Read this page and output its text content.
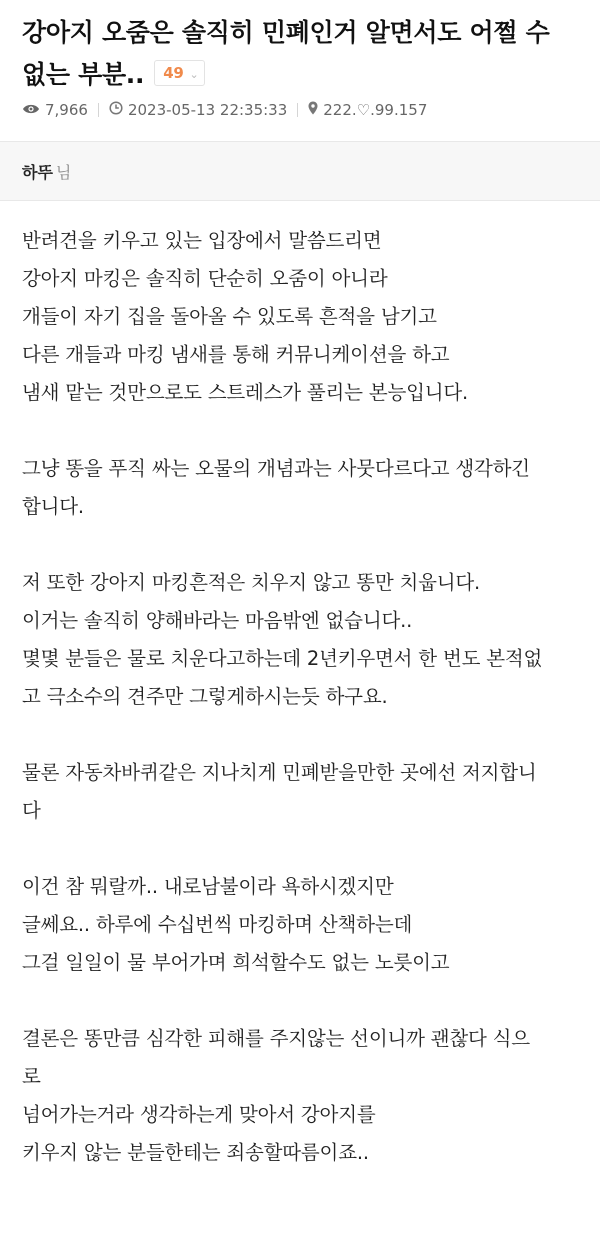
강아지 오줌은 솔직히 민폐인거 알면서도 어쩔 수 없는 부분.. 49 ⌄
7,966	2023-05-13 22:35:33 222.♡.99.157
하뚜 님

반려견을 키우고 있는 입장에서 말씀드리면

강아지 마킹은 솔직히 단순히 오줌이 아니라

개들이 자기 집을 돌아올 수 있도록 흔적을 남기고

다른 개들과 마킹 냄새를 통해 커뮤니케이션을 하고

냄새 맡는 것만으로도 스트레스가 풀리는 본능입니다.

그냥 똥을 푸직 싸는 오물의 개념과는 사뭇다르다고 생각하긴

합니다.

저 또한 강아지 마킹흔적은 치우지 않고 똥만 치웁니다.

이거는 솔직히 양해바라는 마음밖엔 없습니다..

몇몇 분들은 물로 치운다고하는데 2년키우면서 한 번도 본적없

고 극소수의 견주만 그렇게하시는듯 하구요.

물론 자동차바퀴같은 지나치게 민폐받을만한 곳에선 저지합니

다

이건 참 뭐랄까.. 내로남불이라 욕하시겠지만

글쎄요.. 하루에 수십번씩 마킹하며 산책하는데

그걸 일일이 물 부어가며 희석할수도 없는 노릇이고

결론은 똥만큼 심각한 피해를 주지않는 선이니까 괜찮다 식으

로

넘어가는거라 생각하는게 맞아서 강아지를

키우지 않는 분들한테는 죄송할따름이죠..
